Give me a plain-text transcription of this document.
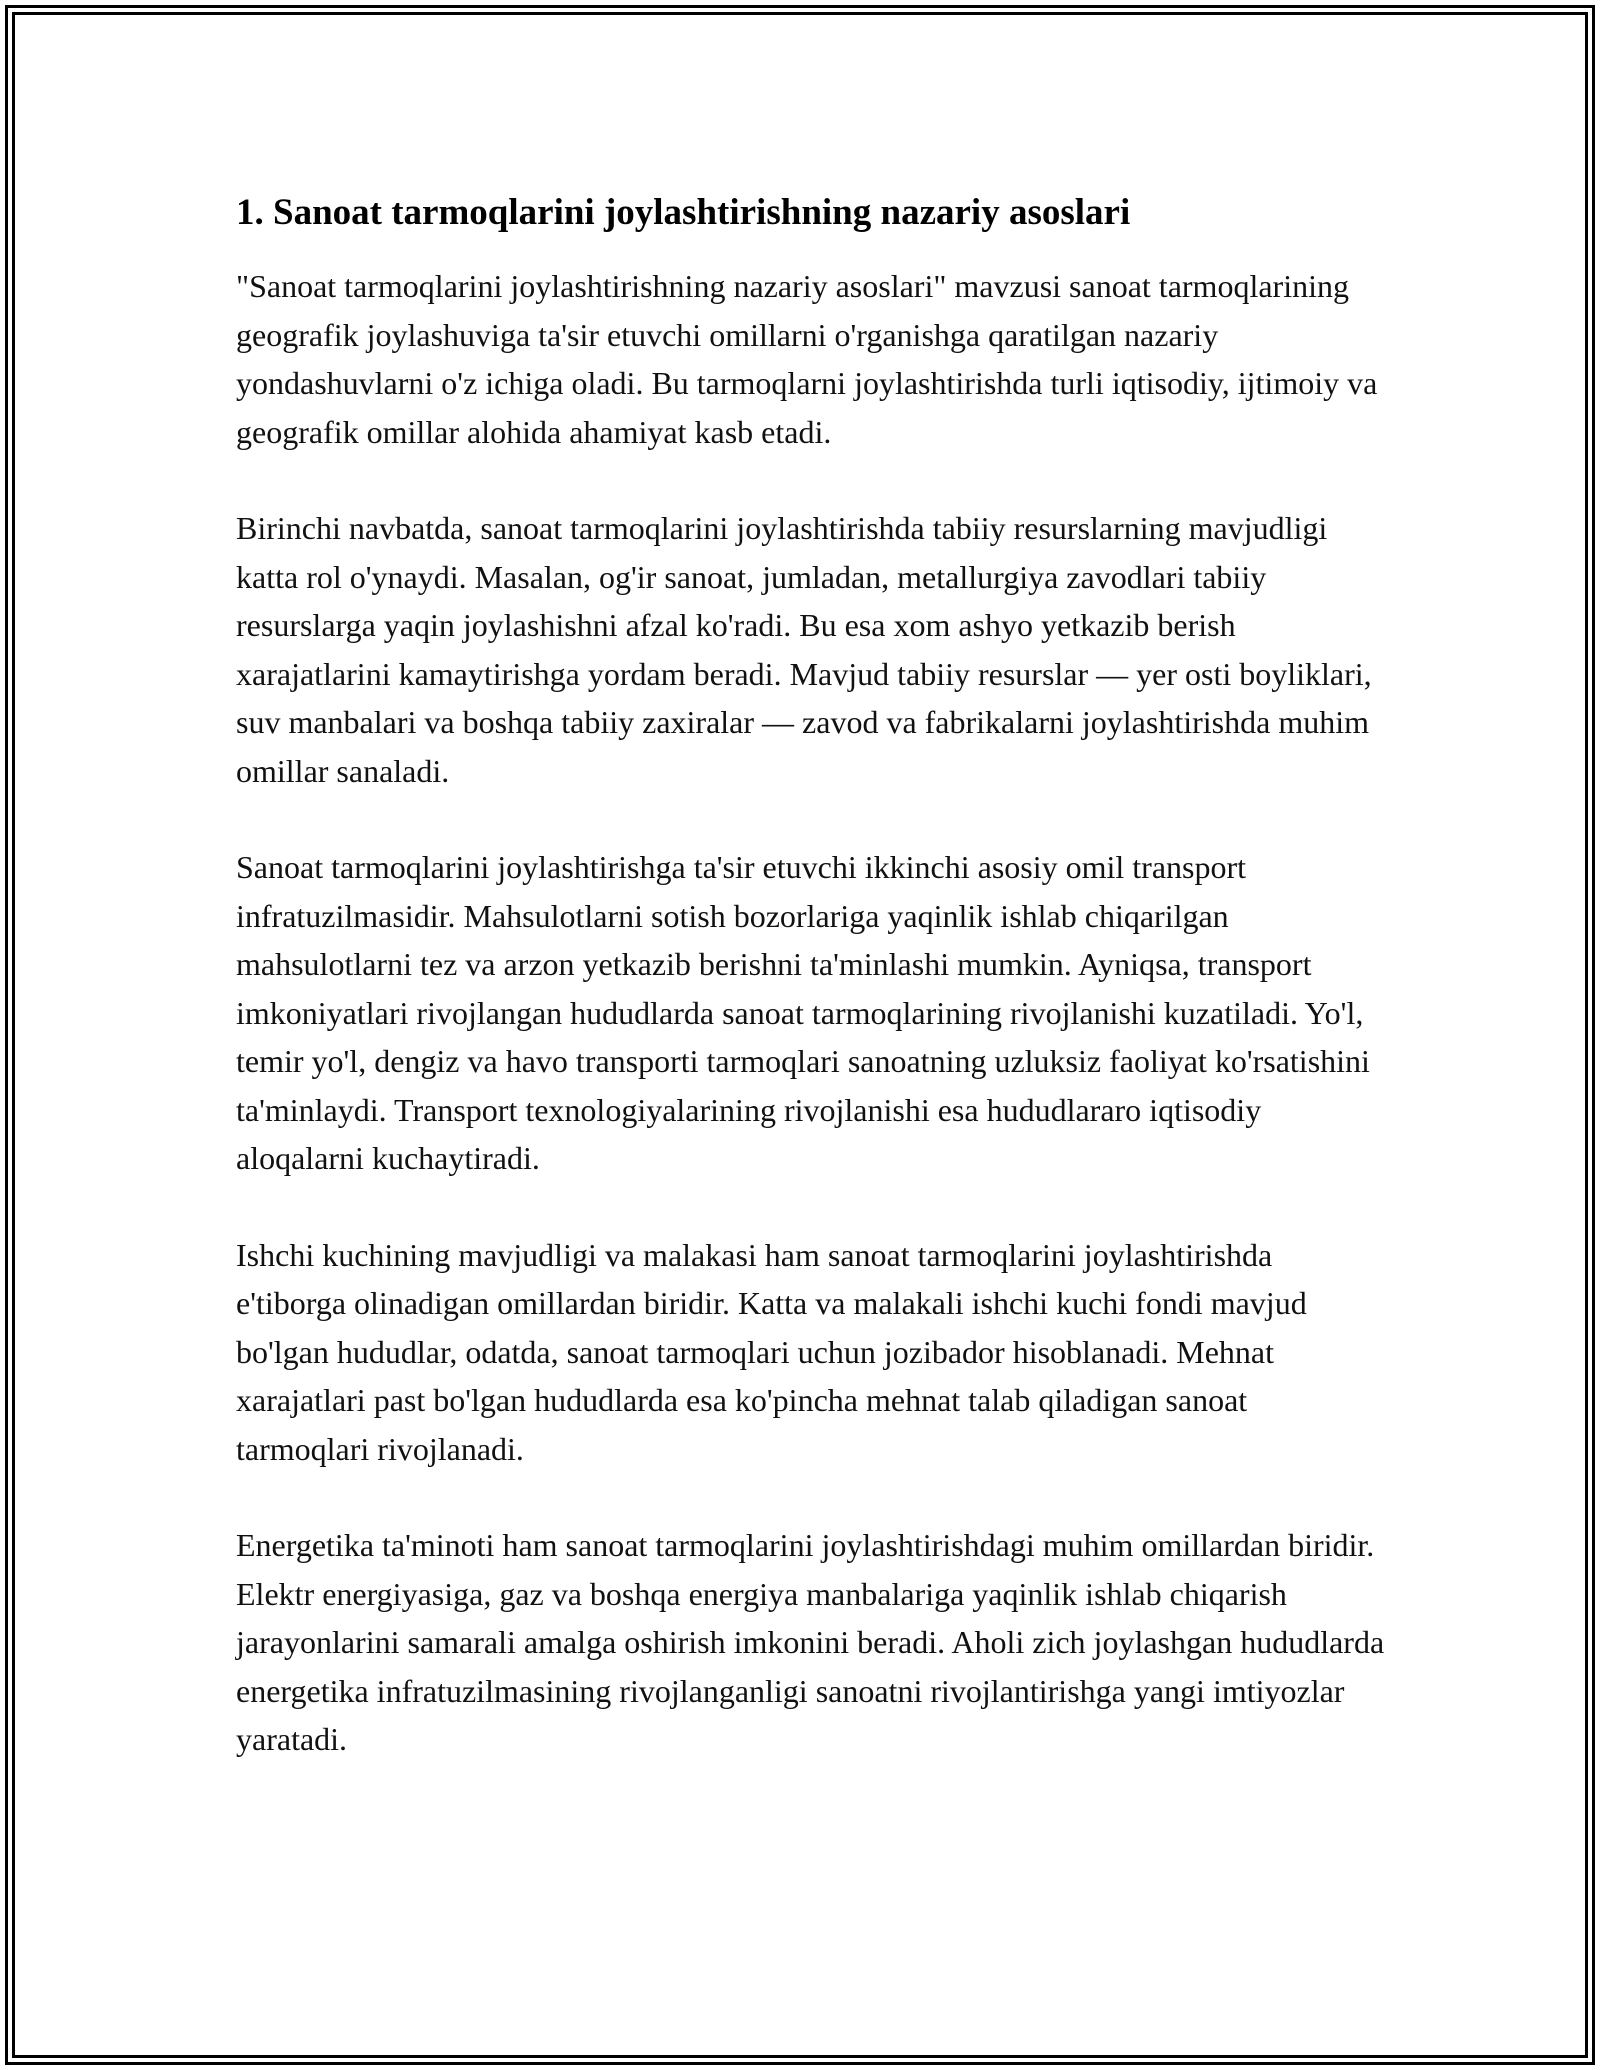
1. Sanoat tarmoqlarini joylashtirishning nazariy asoslari

"Sanoat tarmoqlarini joylashtirishning nazariy asoslari" mavzusi sanoat tarmoqlarining geografik joylashuviga ta'sir etuvchi omillarni o'rganishga qaratilgan nazariy yondashuvlarni o'z ichiga oladi. Bu tarmoqlarni joylashtirishda turli iqtisodiy, ijtimoiy va geografik omillar alohida ahamiyat kasb etadi.

Birinchi navbatda, sanoat tarmoqlarini joylashtirishda tabiiy resurslarning mavjudligi katta rol o'ynaydi. Masalan, og'ir sanoat, jumladan, metallurgiya zavodlari tabiiy resurslarga yaqin joylashishni afzal ko'radi. Bu esa xom ashyo yetkazib berish xarajatlarini kamaytirishga yordam beradi. Mavjud tabiiy resurslar — yer osti boyliklari, suv manbalari va boshqa tabiiy zaxiralar — zavod va fabrikalarni joylashtirishda muhim omillar sanaladi.

Sanoat tarmoqlarini joylashtirishga ta'sir etuvchi ikkinchi asosiy omil transport infratuzilmasidir. Mahsulotlarni sotish bozorlariga yaqinlik ishlab chiqarilgan mahsulotlarni tez va arzon yetkazib berishni ta'minlashi mumkin. Ayniqsa, transport imkoniyatlari rivojlangan hududlarda sanoat tarmoqlarining rivojlanishi kuzatiladi. Yo'l, temir yo'l, dengiz va havo transporti tarmoqlari sanoatning uzluksiz faoliyat ko'rsatishini ta'minlaydi. Transport texnologiyalarining rivojlanishi esa hududlararo iqtisodiy aloqalarni kuchaytiradi.

Ishchi kuchining mavjudligi va malakasi ham sanoat tarmoqlarini joylashtirishda e'tiborga olinadigan omillardan biridir. Katta va malakali ishchi kuchi fondi mavjud bo'lgan hududlar, odatda, sanoat tarmoqlari uchun jozibador hisoblanadi. Mehnat xarajatlari past bo'lgan hududlarda esa ko'pincha mehnat talab qiladigan sanoat tarmoqlari rivojlanadi.

Energetika ta'minoti ham sanoat tarmoqlarini joylashtirishdagi muhim omillardan biridir. Elektr energiyasiga, gaz va boshqa energiya manbalariga yaqinlik ishlab chiqarish jarayonlarini samarali amalga oshirish imkonini beradi. Aholi zich joylashgan hududlarda energetika infratuzilmasining rivojlanganligi sanoatni rivojlantirishga yangi imtiyozlar yaratadi.
